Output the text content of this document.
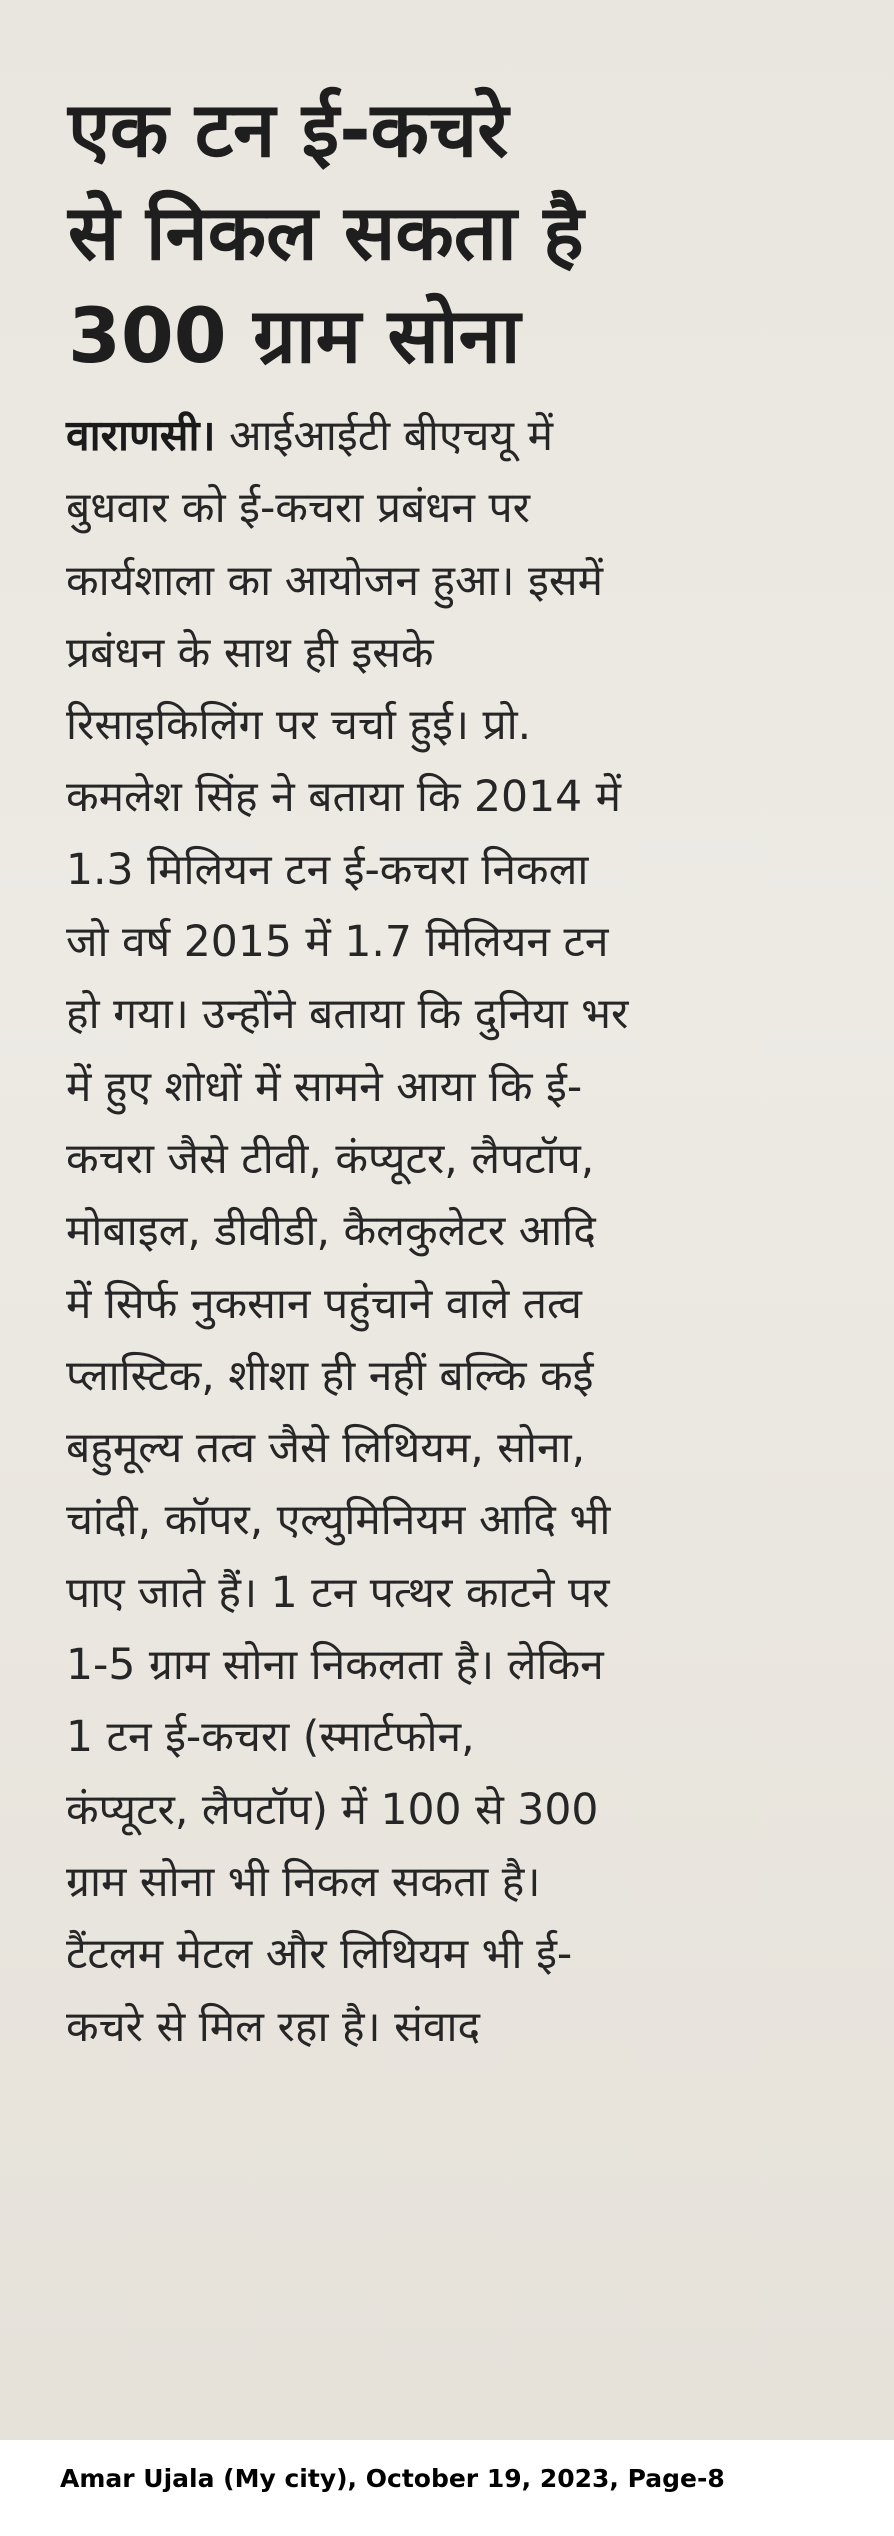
एक टन ई-कचरे
से निकल सकता है
300 ग्राम सोना
वाराणसी। आईआईटी बीएचयू में
बुधवार को ई-कचरा प्रबंधन पर
कार्यशाला का आयोजन हुआ। इसमें
प्रबंधन के साथ ही इसके
रिसाइकिलिंग पर चर्चा हुई। प्रो.
कमलेश सिंह ने बताया कि 2014 में
1.3 मिलियन टन ई-कचरा निकला
जो वर्ष 2015 में 1.7 मिलियन टन
हो गया। उन्होंने बताया कि दुनिया भर
में हुए शोधों में सामने आया कि ई-
कचरा जैसे टीवी, कंप्यूटर, लैपटॉप,
मोबाइल, डीवीडी, कैलकुलेटर आदि
में सिर्फ नुकसान पहुंचाने वाले तत्व
प्लास्टिक, शीशा ही नहीं बल्कि कई
बहुमूल्य तत्व जैसे लिथियम, सोना,
चांदी, कॉपर, एल्युमिनियम आदि भी
पाए जाते हैं। 1 टन पत्थर काटने पर
1-5 ग्राम सोना निकलता है। लेकिन
1 टन ई-कचरा (स्मार्टफोन,
कंप्यूटर, लैपटॉप) में 100 से 300
ग्राम सोना भी निकल सकता है।
टैंटलम मेटल और लिथियम भी ई-
कचरे से मिल रहा है। संवाद
Amar Ujala (My city), October 19, 2023, Page-8
